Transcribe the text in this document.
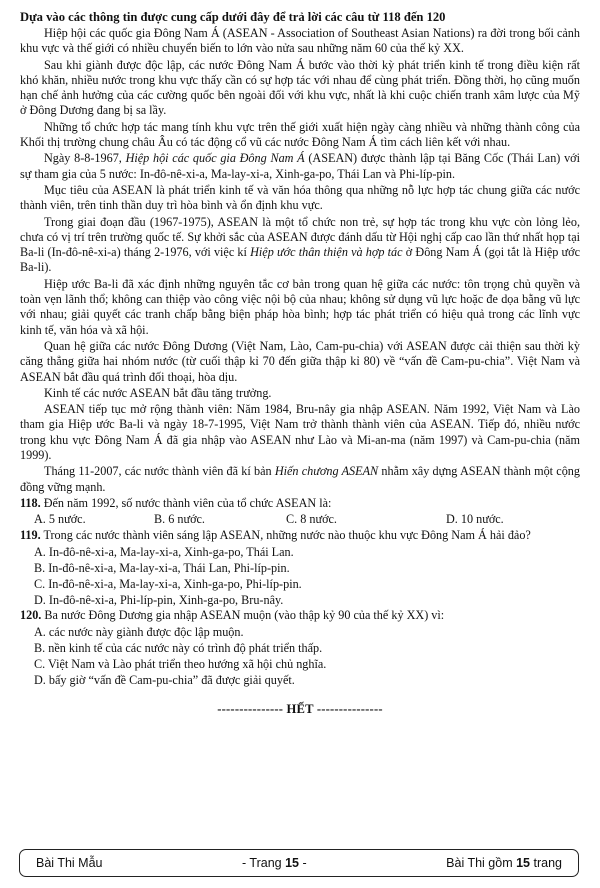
Dựa vào các thông tin được cung cấp dưới đây để trả lời các câu từ 118 đến 120

Hiệp hội các quốc gia Đông Nam Á (ASEAN - Association of Southeast Asian Nations) ra đời trong bối cảnh khu vực và thế giới có nhiều chuyển biến to lớn vào nửa sau những năm 60 của thế kỷ XX.

Sau khi giành được độc lập, các nước Đông Nam Á bước vào thời kỳ phát triển kinh tế trong điều kiện rất khó khăn, nhiều nước trong khu vực thấy cần có sự hợp tác với nhau để cùng phát triển. Đồng thời, họ cũng muốn hạn chế ảnh hưởng của các cường quốc bên ngoài đối với khu vực, nhất là khi cuộc chiến tranh xâm lược của Mỹ ở Đông Dương đang bị sa lầy.

Những tổ chức hợp tác mang tính khu vực trên thế giới xuất hiện ngày càng nhiều và những thành công của Khối thị trường chung châu Âu có tác động cổ vũ các nước Đông Nam Á tìm cách liên kết với nhau.

Ngày 8-8-1967, Hiệp hội các quốc gia Đông Nam Á (ASEAN) được thành lập tại Băng Cốc (Thái Lan) với sự tham gia của 5 nước: In-đô-nê-xi-a, Ma-lay-xi-a, Xinh-ga-po, Thái Lan và Phi-líp-pin.

Mục tiêu của ASEAN là phát triển kinh tế và văn hóa thông qua những nỗ lực hợp tác chung giữa các nước thành viên, trên tinh thần duy trì hòa bình và ổn định khu vực.

Trong giai đoạn đầu (1967-1975), ASEAN là một tổ chức non trẻ, sự hợp tác trong khu vực còn lỏng lẻo, chưa có vị trí trên trường quốc tế. Sự khởi sắc của ASEAN được đánh dấu từ Hội nghị cấp cao lần thứ nhất họp tại Ba-li (In-đô-nê-xi-a) tháng 2-1976, với việc kí Hiệp ước thân thiện và hợp tác ở Đông Nam Á (gọi tắt là Hiệp ước Ba-li).

Hiệp ước Ba-li đã xác định những nguyên tắc cơ bản trong quan hệ giữa các nước: tôn trọng chủ quyền và toàn vẹn lãnh thổ; không can thiệp vào công việc nội bộ của nhau; không sử dụng vũ lực hoặc đe dọa bằng vũ lực với nhau; giải quyết các tranh chấp bằng biện pháp hòa bình; hợp tác phát triển có hiệu quả trong các lĩnh vực kinh tế, văn hóa và xã hội.

Quan hệ giữa các nước Đông Dương (Việt Nam, Lào, Cam-pu-chia) với ASEAN được cải thiện sau thời kỳ căng thẳng giữa hai nhóm nước (từ cuối thập kỉ 70 đến giữa thập kỉ 80) về “vấn đề Cam-pu-chia”. Việt Nam và ASEAN bắt đầu quá trình đối thoại, hòa dịu.

Kinh tế các nước ASEAN bắt đầu tăng trưởng.

ASEAN tiếp tục mở rộng thành viên: Năm 1984, Bru-nây gia nhập ASEAN. Năm 1992, Việt Nam và Lào tham gia Hiệp ước Ba-li và ngày 18-7-1995, Việt Nam trở thành thành viên của ASEAN. Tiếp đó, nhiều nước trong khu vực Đông Nam Á đã gia nhập vào ASEAN như Lào và Mi-an-ma (năm 1997) và Cam-pu-chia (năm 1999).

Tháng 11-2007, các nước thành viên đã kí bản Hiến chương ASEAN nhằm xây dựng ASEAN thành một cộng đồng vững mạnh.

118. Đến năm 1992, số nước thành viên của tổ chức ASEAN là:

A. 5 nước.	B. 6 nước.	C. 8 nước.	D. 10 nước.

119. Trong các nước thành viên sáng lập ASEAN, những nước nào thuộc khu vực Đông Nam Á hải đảo?

A. In-đô-nê-xi-a, Ma-lay-xi-a, Xinh-ga-po, Thái Lan.
B. In-đô-nê-xi-a, Ma-lay-xi-a, Thái Lan, Phi-líp-pin.
C. In-đô-nê-xi-a, Ma-lay-xi-a, Xinh-ga-po, Phi-líp-pin.
D. In-đô-nê-xi-a, Phi-líp-pin, Xinh-ga-po, Bru-nây.

120. Ba nước Đông Dương gia nhập ASEAN muộn (vào thập kỷ 90 của thế kỷ XX) vì:

A. các nước này giành được độc lập muộn.
B. nền kinh tế của các nước này có trình độ phát triển thấp.
C. Việt Nam và Lào phát triển theo hướng xã hội chủ nghĩa.
D. bấy giờ “vấn đề Cam-pu-chia” đã được giải quyết.
--------------- HẾT ---------------
Bài Thi Mẫu	- Trang 15 -	Bài Thi gồm 15 trang
